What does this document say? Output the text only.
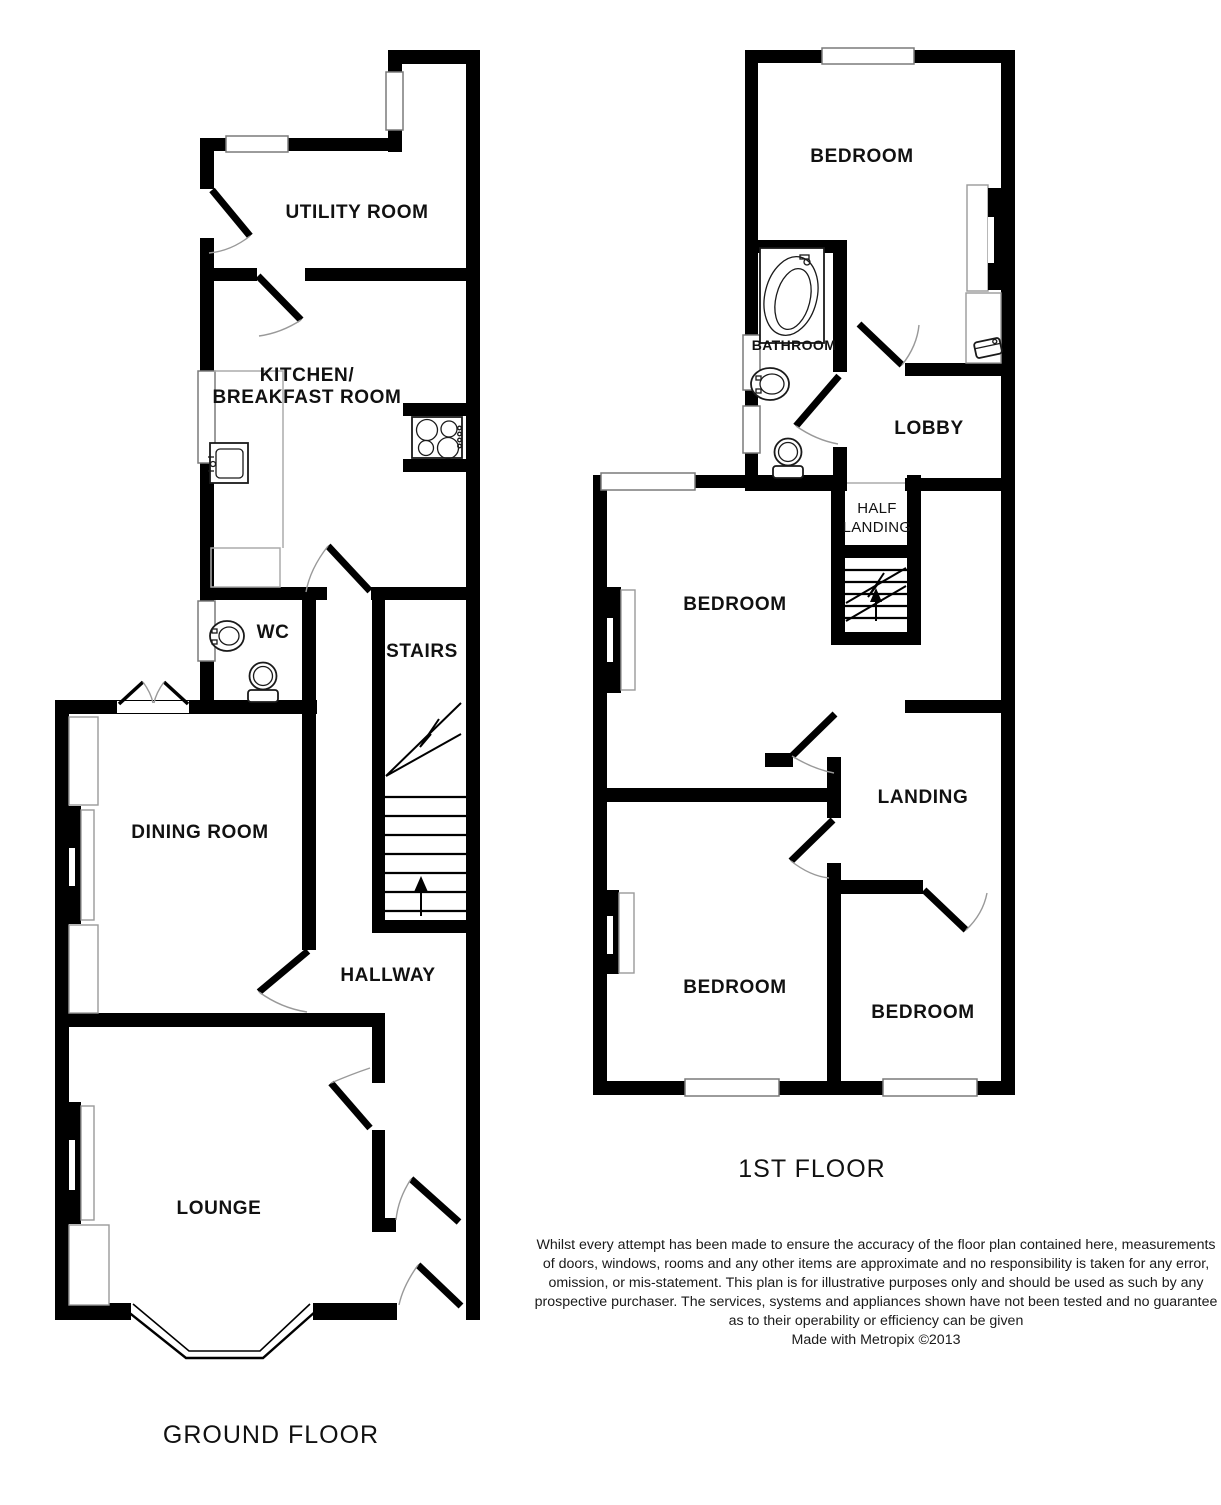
UTILITY ROOM
KITCHEN/
BREAKFAST ROOM
WC
STAIRS
DINING ROOM
HALLWAY
LOUNGE
GROUND FLOOR
BEDROOM
BATHROOM
LOBBY
HALF
LANDING
BEDROOM
LANDING
BEDROOM
BEDROOM
1ST FLOOR
Whilst every attempt has been made to ensure the accuracy of the floor plan contained here, measurements
of doors, windows, rooms and any other items are approximate and no responsibility is taken for any error,
omission, or mis-statement. This plan is for illustrative purposes only and should be used as such by any
prospective purchaser. The services, systems and appliances shown have not been tested and no guarantee
as to their operability or efficiency can be given
Made with Metropix ©2013
